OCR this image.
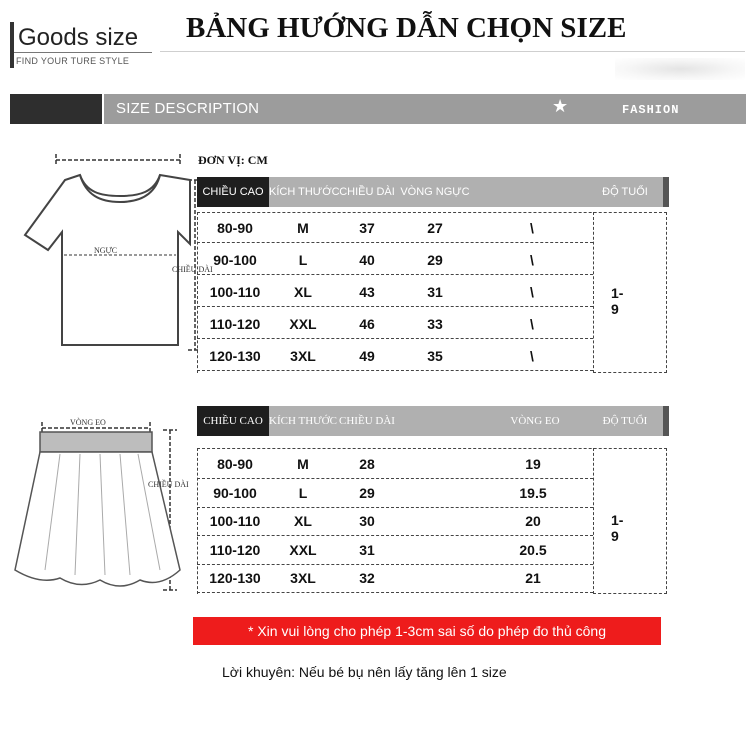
Goods size
FIND YOUR TURE STYLE
BẢNG HƯỚNG DẪN CHỌN SIZE
SIZE DESCRIPTION	★	FASHION
ĐƠN VỊ: CM
NGỰC
CHIỀU DÀI
VÒNG EO
CHIỀU DÀI
CHIỀU CAO KÍCH THƯỚC CHIỀU DÀI VÒNG NGỰC	ĐỘ TUỔI
80-90	M	37	27	\
90-100	L	40	29	\
100-110	XL	43	31	\
110-120	XXL	46	33	\
120-130	3XL	49	35	\
1-9
CHIỀU CAO KÍCH THƯỚC CHIỀU DÀI	VÒNG EO	ĐỘ TUỔI
80-90	M	28	19
90-100	L	29	19.5
100-110	XL	30	20
110-120	XXL	31	20.5
120-130	3XL	32	21
1-9
* Xin vui lòng cho phép 1-3cm sai số do phép đo thủ công
Lời khuyên: Nếu bé bụ nên lấy tăng lên 1 size
